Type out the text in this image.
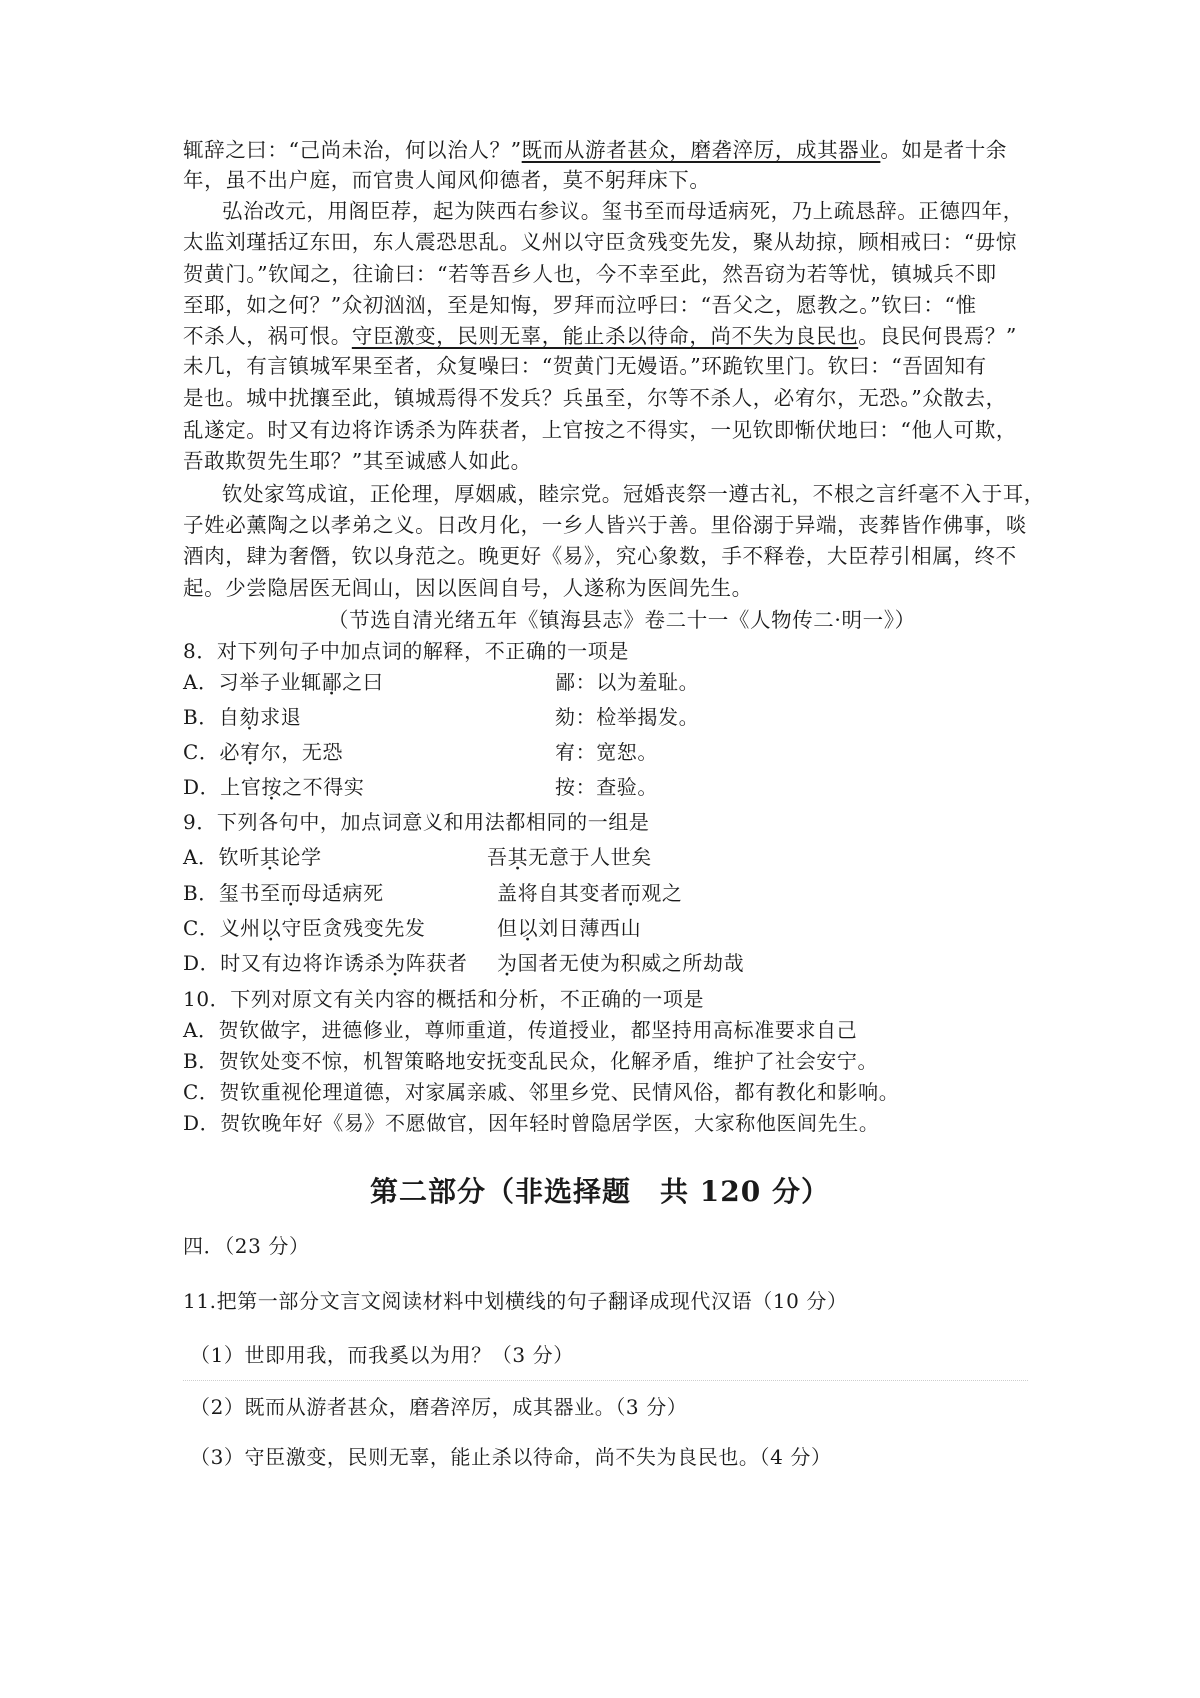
辄辞之曰：“己尚未治，何以治人？”既而从游者甚众，磨砻淬厉，成其器业。如是者十余
年，虽不出户庭，而官贵人闻风仰德者，莫不躬拜床下。
弘治改元，用阁臣荐，起为陕西右参议。玺书至而母适病死，乃上疏恳辞。正德四年，
太监刘瑾括辽东田，东人震恐思乱。义州以守臣贪残变先发，聚从劫掠，顾相戒曰：“毋惊
贺黄门。”钦闻之，往谕曰：“若等吾乡人也，今不幸至此，然吾窃为若等忧，镇城兵不即
至耶，如之何？”众初汹汹，至是知悔，罗拜而泣呼曰：“吾父之，愿教之。”钦曰：“惟
不杀人，祸可恨。守臣激变，民则无辜，能止杀以待命，尚不失为良民也。良民何畏焉？”
未几，有言镇城军果至者，众复噪曰：“贺黄门无嫚语。”环跪钦里门。钦曰：“吾固知有
是也。城中扰攘至此，镇城焉得不发兵？兵虽至，尔等不杀人，必宥尔，无恐。”众散去，
乱遂定。时又有边将诈诱杀为阵获者，上官按之不得实，一见钦即惭伏地曰：“他人可欺，
吾敢欺贺先生耶？”其至诚感人如此。
钦处家笃成谊，正伦理，厚姻戚，睦宗党。冠婚丧祭一遵古礼，不根之言纤毫不入于耳，
子姓必薰陶之以孝弟之义。日改月化，一乡人皆兴于善。里俗溺于异端，丧葬皆作佛事，啖
酒肉，肆为奢僭，钦以身范之。晚更好《易》，究心象数，手不释卷，大臣荐引相属，终不
起。少尝隐居医无闾山，因以医闾自号，人遂称为医闾先生。
（节选自清光绪五年《镇海县志》卷二十一《人物传二·明一》）
8．对下列句子中加点词的解释，不正确的一项是
A．习举子业辄鄙之曰	鄙：以为羞耻。
B．自劾求退	劾：检举揭发。
C．必宥尔，无恐	宥：宽恕。
D．上官按之不得实	按：查验。
9．下列各句中，加点词意义和用法都相同的一组是
A．钦听其论学	吾其无意于人世矣
B．玺书至而母适病死	盖将自其变者而观之
C．义州以守臣贪残变先发	但以刘日薄西山
D．时又有边将诈诱杀为阵获者 为国者无使为积威之所劫哉
10．下列对原文有关内容的概括和分析，不正确的一项是
A．贺钦做字，进德修业，尊师重道，传道授业，都坚持用高标准要求自己
B．贺钦处变不惊，机智策略地安抚变乱民众，化解矛盾，维护了社会安宁。
C．贺钦重视伦理道德，对家属亲戚、邻里乡党、民情风俗，都有教化和影响。
D．贺钦晚年好《易》不愿做官，因年轻时曾隐居学医，大家称他医闾先生。
第二部分（非选择题　共 120 分）
四．（23 分）
11.把第一部分文言文阅读材料中划横线的句子翻译成现代汉语（10 分）
（1）世即用我，而我奚以为用？（3 分）
（2）既而从游者甚众，磨砻淬厉，成其器业。（3 分）
（3）守臣激变，民则无辜，能止杀以待命，尚不失为良民也。（4 分）
